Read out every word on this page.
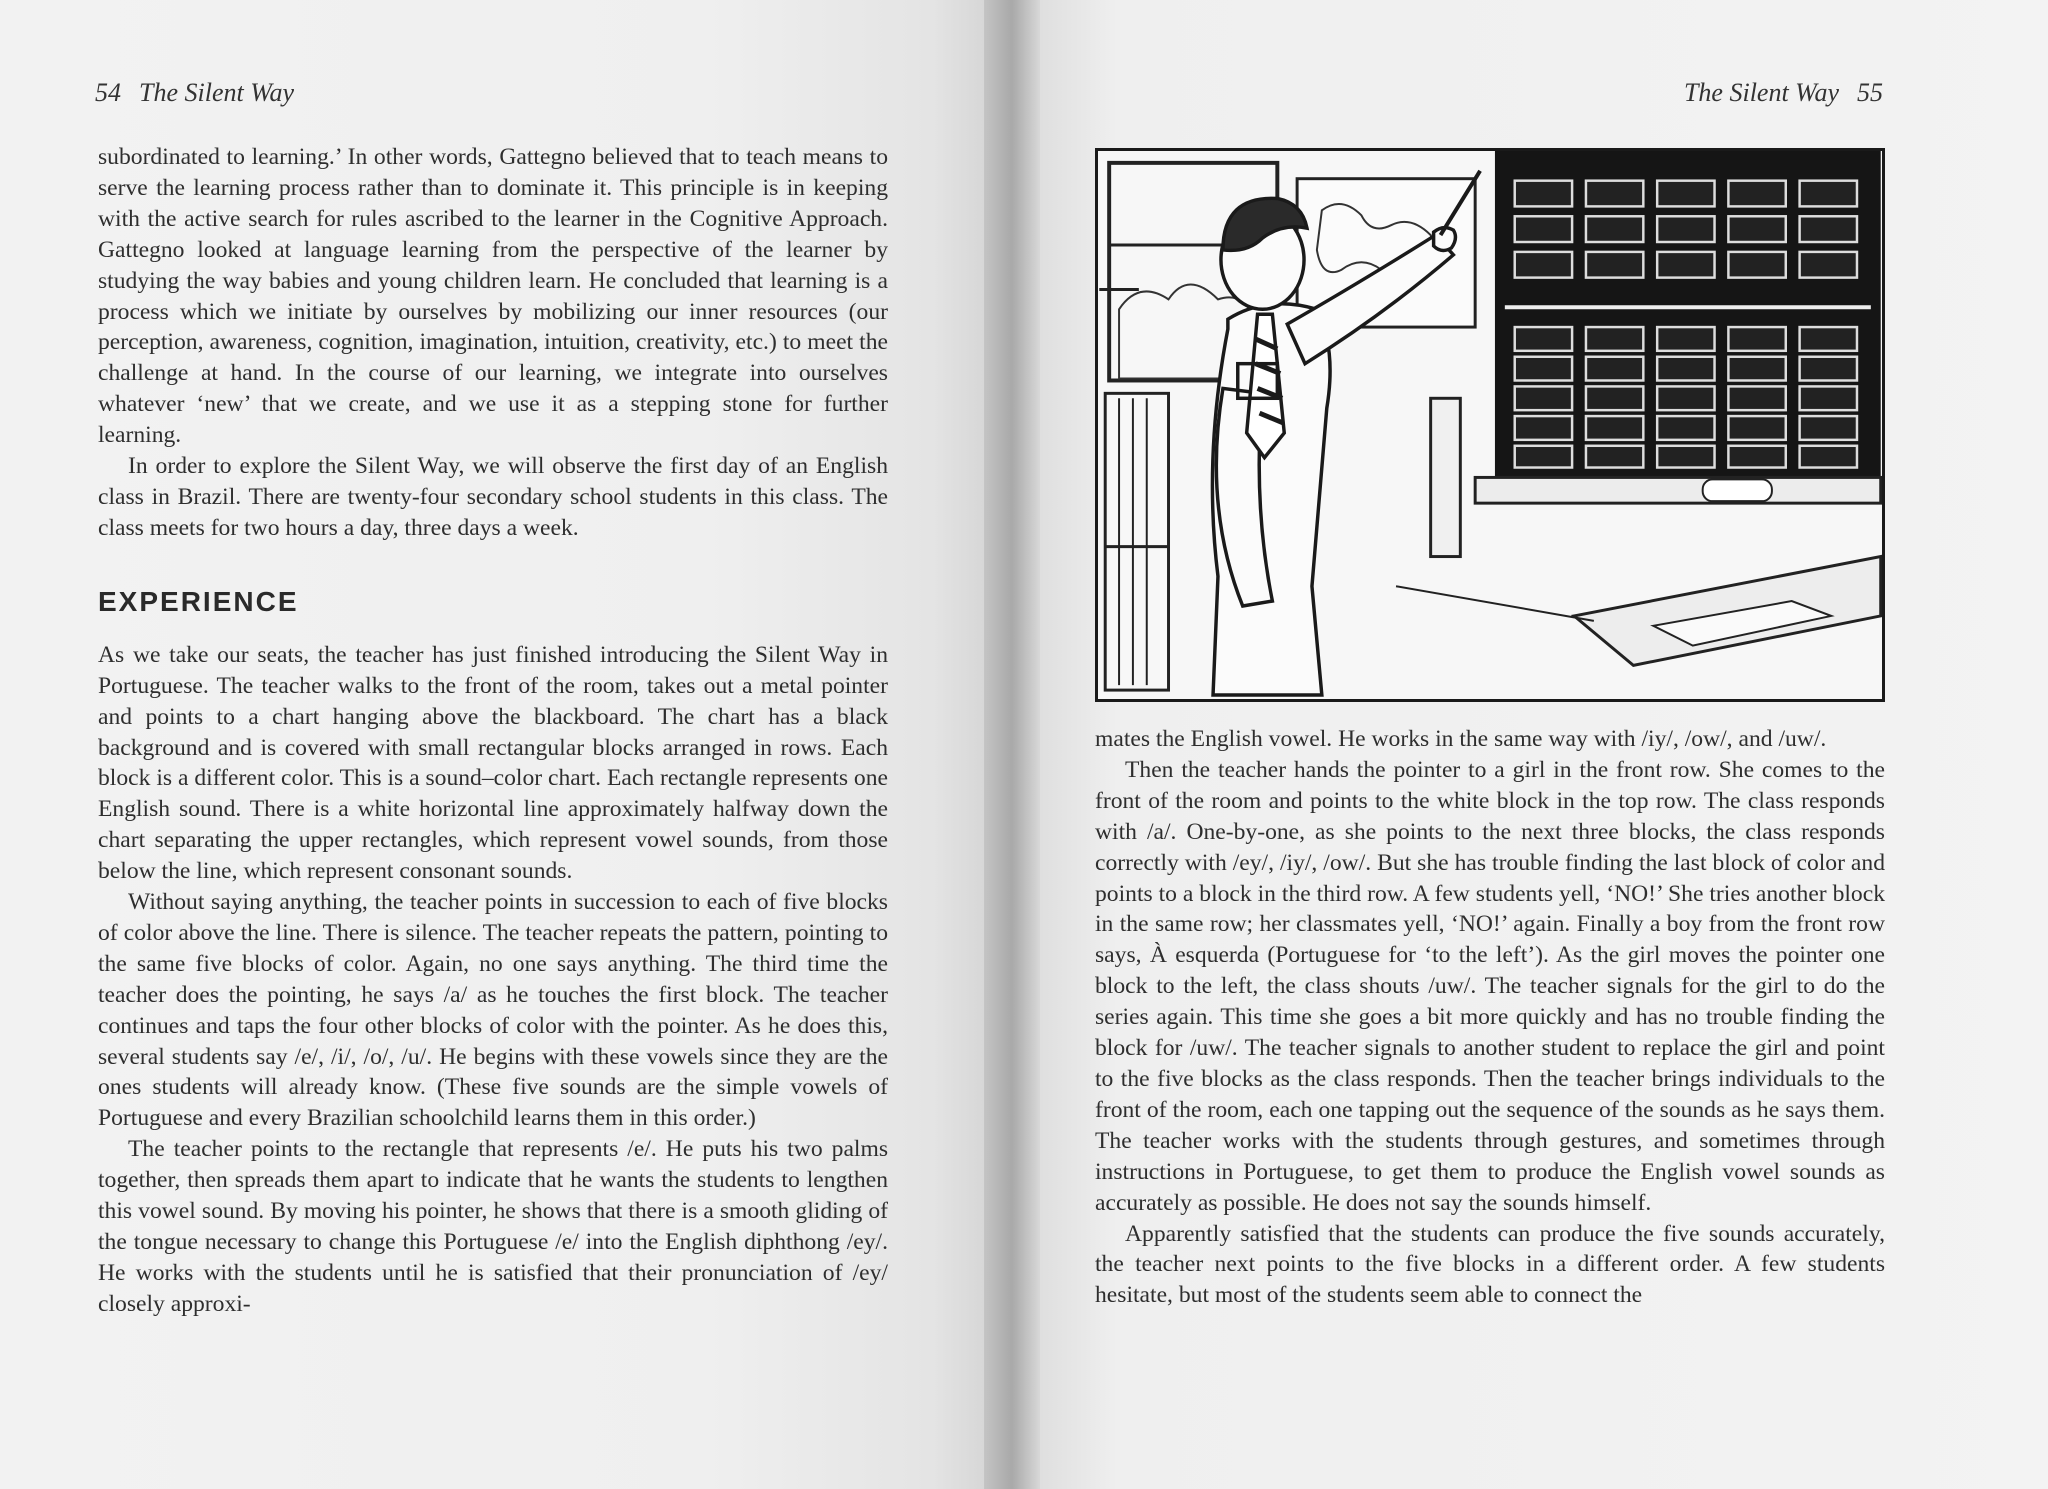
54 The Silent Way	The Silent Way 55

subordinated to learning.’ In other words, Gattegno believed that to teach means to serve the learning process rather than to dominate it. This principle is in keeping with the active search for rules ascribed to the learner in the Cognitive Approach. Gattegno looked at language learning from the perspective of the learner by studying the way babies and young children learn. He concluded that learning is a process which we initiate by ourselves by mobilizing our inner resources (our perception, awareness, cognition, imagination, intuition, creativity, etc.) to meet the challenge at hand. In the course of our learning, we integrate into ourselves whatever ‘new’ that we create, and we use it as a stepping stone for further learning.

In order to explore the Silent Way, we will observe the first day of an English class in Brazil. There are twenty-four secondary school students in this class. The class meets for two hours a day, three days a week.

EXPERIENCE

As we take our seats, the teacher has just finished introducing the Silent Way in Portuguese. The teacher walks to the front of the room, takes out a metal pointer and points to a chart hanging above the blackboard. The chart has a black background and is covered with small rectangular blocks arranged in rows. Each block is a different color. This is a sound–color chart. Each rectangle represents one English sound. There is a white horizontal line approximately halfway down the chart separating the upper rectangles, which represent vowel sounds, from those below the line, which represent consonant sounds.

Without saying anything, the teacher points in succession to each of five blocks of color above the line. There is silence. The teacher repeats the pattern, pointing to the same five blocks of color. Again, no one says anything. The third time the teacher does the pointing, he says /a/ as he touches the first block. The teacher continues and taps the four other blocks of color with the pointer. As he does this, several students say /e/, /i/, /o/, /u/. He begins with these vowels since they are the ones students will already know. (These five sounds are the simple vowels of Portuguese and every Brazilian schoolchild learns them in this order.)

The teacher points to the rectangle that represents /e/. He puts his two palms together, then spreads them apart to indicate that he wants the students to lengthen this vowel sound. By moving his pointer, he shows that there is a smooth gliding of the tongue necessary to change this Portuguese /e/ into the English diphthong /ey/. He works with the students until he is satisfied that their pronunciation of /ey/ closely approxi-

mates the English vowel. He works in the same way with /iy/, /ow/, and /uw/.

Then the teacher hands the pointer to a girl in the front row. She comes to the front of the room and points to the white block in the top row. The class responds with /a/. One-by-one, as she points to the next three blocks, the class responds correctly with /ey/, /iy/, /ow/. But she has trouble finding the last block of color and points to a block in the third row. A few students yell, ‘NO!’ She tries another block in the same row; her classmates yell, ‘NO!’ again. Finally a boy from the front row says, À esquerda (Portuguese for ‘to the left’). As the girl moves the pointer one block to the left, the class shouts /uw/. The teacher signals for the girl to do the series again. This time she goes a bit more quickly and has no trouble finding the block for /uw/. The teacher signals to another student to replace the girl and point to the five blocks as the class responds. Then the teacher brings individuals to the front of the room, each one tapping out the sequence of the sounds as he says them. The teacher works with the students through gestures, and sometimes through instructions in Portuguese, to get them to produce the English vowel sounds as accurately as possible. He does not say the sounds himself.

Apparently satisfied that the students can produce the five sounds accurately, the teacher next points to the five blocks in a different order. A few students hesitate, but most of the students seem able to connect the
